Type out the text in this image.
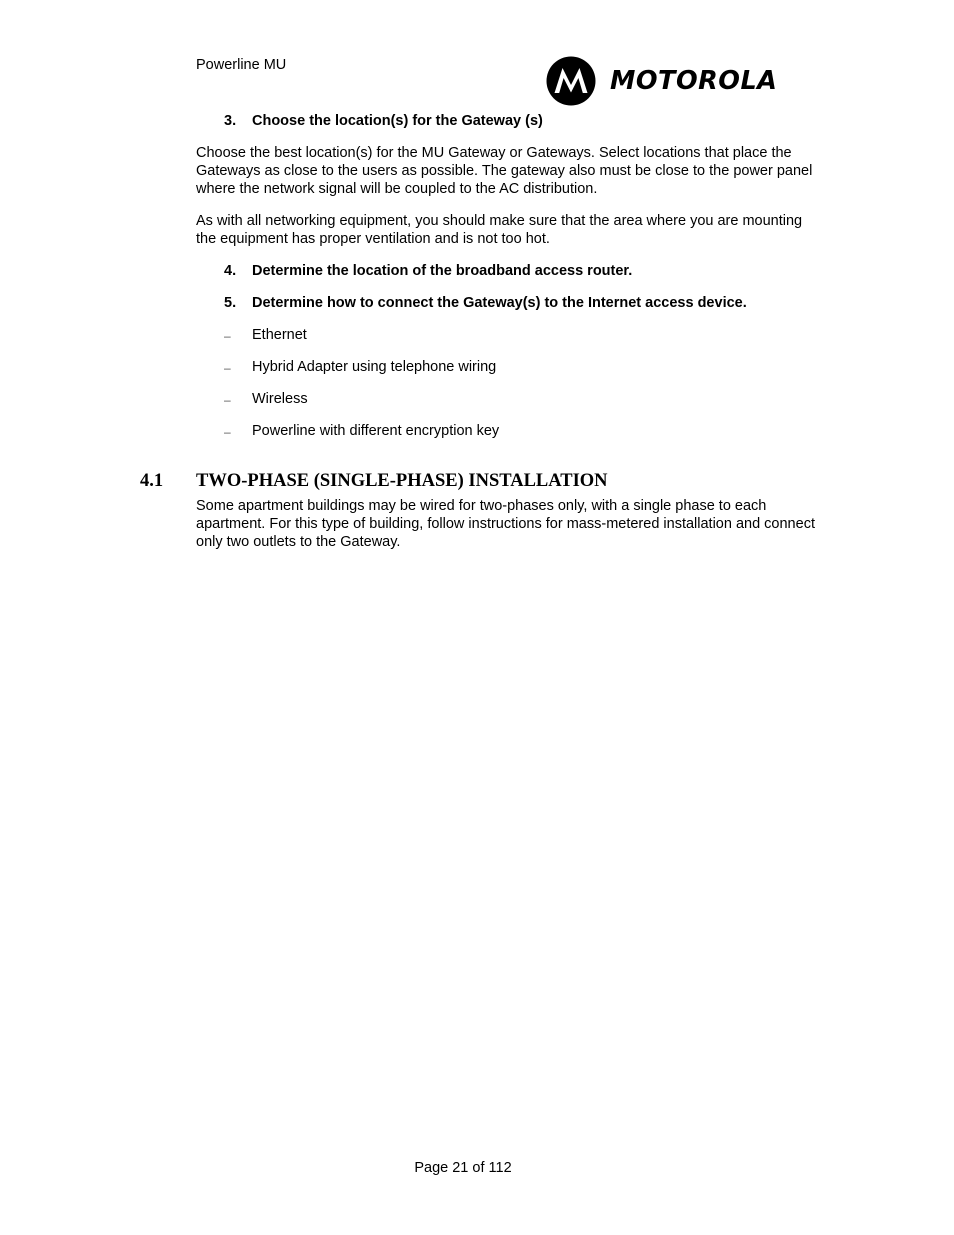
Powerline MU
MOTOROLA
3.	Choose the location(s) for the Gateway (s)
Choose the best location(s) for the MU Gateway or Gateways. Select locations that place the Gateways as close to the users as possible. The gateway also must be close to the power panel where the network signal will be coupled to the AC distribution.
As with all networking equipment, you should make sure that the area where you are mounting the equipment has proper ventilation and is not too hot.
4.	Determine the location of the broadband access router.
5.	Determine how to connect the Gateway(s) to the Internet access device.
– Ethernet
– Hybrid Adapter using telephone wiring
– Wireless
– Powerline with different encryption key
4.1 TWO-PHASE (SINGLE-PHASE) INSTALLATION
Some apartment buildings may be wired for two-phases only, with a single phase to each apartment. For this type of building, follow instructions for mass-metered installation and connect only two outlets to the Gateway.
Page 21 of 112
